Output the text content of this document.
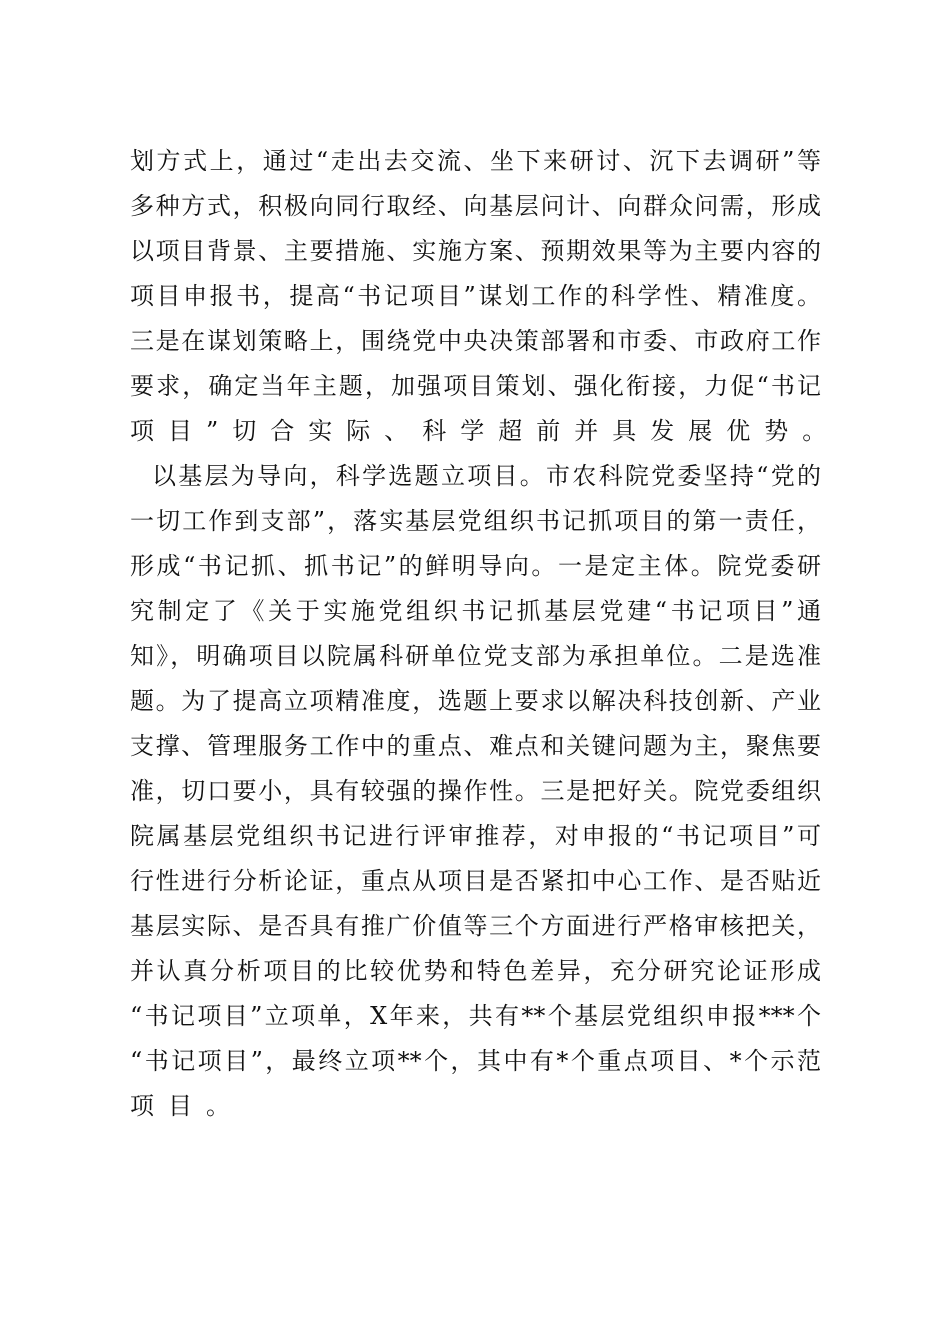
划方式上，通过“走出去交流、坐下来研讨、沉下去调研”等
多种方式，积极向同行取经、向基层问计、向群众问需，形成
以项目背景、主要措施、实施方案、预期效果等为主要内容的
项目申报书，提高“书记项目”谋划工作的科学性、精准度。
三是在谋划策略上，围绕党中央决策部署和市委、市政府工作
要求，确定当年主题，加强项目策划、强化衔接，力促“书记
项目”切合实际、科学超前并具发展优势。
以基层为导向，科学选题立项目。市农科院党委坚持“党的
一切工作到支部”，落实基层党组织书记抓项目的第一责任，
形成“书记抓、抓书记”的鲜明导向。一是定主体。院党委研
究制定了《关于实施党组织书记抓基层党建“书记项目”通
知》，明确项目以院属科研单位党支部为承担单位。二是选准
题。为了提高立项精准度，选题上要求以解决科技创新、产业
支撑、管理服务工作中的重点、难点和关键问题为主，聚焦要
准，切口要小，具有较强的操作性。三是把好关。院党委组织
院属基层党组织书记进行评审推荐，对申报的“书记项目”可
行性进行分析论证，重点从项目是否紧扣中心工作、是否贴近
基层实际、是否具有推广价值等三个方面进行严格审核把关，
并认真分析项目的比较优势和特色差异，充分研究论证形成
“书记项目”立项单，X年来，共有**个基层党组织申报***个
“书记项目”，最终立项**个，其中有*个重点项目、*个示范
项目。
